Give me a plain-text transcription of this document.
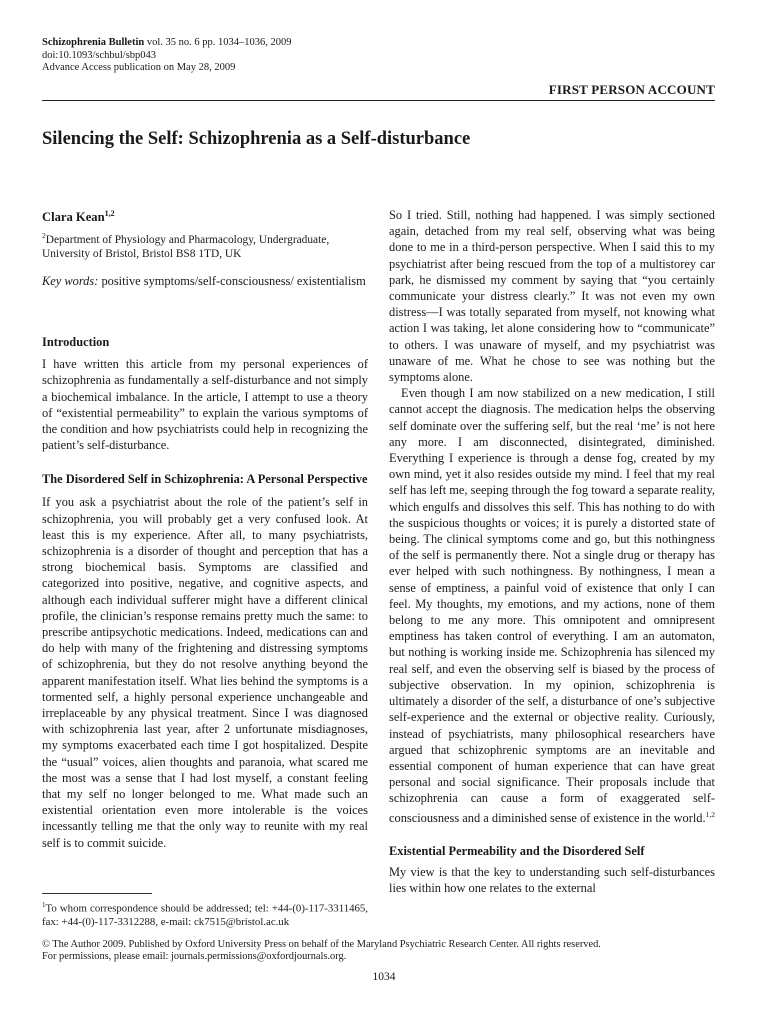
Schizophrenia Bulletin vol. 35 no. 6 pp. 1034–1036, 2009
doi:10.1093/schbul/sbp043
Advance Access publication on May 28, 2009
FIRST PERSON ACCOUNT
Silencing the Self: Schizophrenia as a Self-disturbance
Clara Kean$^{1,2}$
$^2$Department of Physiology and Pharmacology, Undergraduate, University of Bristol, Bristol BS8 1TD, UK
Key words: positive symptoms/self-consciousness/ existentialism
Introduction

I have written this article from my personal experiences of schizophrenia as fundamentally a self-disturbance and not simply a biochemical imbalance. In the article, I attempt to use a theory of “existential permeability” to explain the various symptoms of the condition and how psychiatrists could help in recognizing the patient’s self-disturbance.

The Disordered Self in Schizophrenia: A Personal Perspective

If you ask a psychiatrist about the role of the patient’s self in schizophrenia, you will probably get a very confused look. At least this is my experience. After all, to many psychiatrists, schizophrenia is a disorder of thought and perception that has a strong biochemical basis. Symptoms are classified and categorized into positive, negative, and cognitive aspects, and although each individual sufferer might have a different clinical profile, the clinician’s response remains pretty much the same: to prescribe antipsychotic medications. Indeed, medications can and do help with many of the frightening and distressing symptoms of schizophrenia, but they do not resolve anything beyond the apparent manifestation itself. What lies behind the symptoms is a tormented self, a highly personal experience unchangeable and irreplaceable by any physical treatment. Since I was diagnosed with schizophrenia last year, after 2 unfortunate misdiagnoses, my symptoms exacerbated each time I got hospitalized. Despite the “usual” voices, alien thoughts and paranoia, what scared me the most was a sense that I had lost myself, a constant feeling that my self no longer belonged to me. What made such an existential orientation even more intolerable is the voices incessantly telling me that the only way to reunite with my real self is to commit suicide.

So I tried. Still, nothing had happened. I was simply sectioned again, detached from my real self, observing what was being done to me in a third-person perspective. When I said this to my psychiatrist after being rescued from the top of a multistorey car park, he dismissed my comment by saying that “you certainly communicate your distress clearly.” It was not even my own distress—I was totally separated from myself, not knowing what action I was taking, let alone considering how to “communicate” to others. I was unaware of myself, and my psychiatrist was unaware of me. What he chose to see was nothing but the symptoms alone.

Even though I am now stabilized on a new medication, I still cannot accept the diagnosis. The medication helps the observing self dominate over the suffering self, but the real ‘me’ is not here any more. I am disconnected, disintegrated, diminished. Everything I experience is through a dense fog, created by my own mind, yet it also resides outside my mind. I feel that my real self has left me, seeping through the fog toward a separate reality, which engulfs and dissolves this self. This has nothing to do with the suspicious thoughts or voices; it is purely a distorted state of being. The clinical symptoms come and go, but this nothingness of the self is permanently there. Not a single drug or therapy has ever helped with such nothingness. By nothingness, I mean a sense of emptiness, a painful void of existence that only I can feel. My thoughts, my emotions, and my actions, none of them belong to me any more. This omnipotent and omnipresent emptiness has taken control of everything. I am an automaton, but nothing is working inside me. Schizophrenia has silenced my real self, and even the observing self is biased by the process of subjective observation. In my opinion, schizophrenia is ultimately a disorder of the self, a disturbance of one’s subjective self-experience and the external or objective reality. Curiously, instead of psychiatrists, many philosophical researchers have argued that schizophrenic symptoms are an inevitable and essential component of human experience that can have great personal and social significance. Their proposals include that schizophrenia can cause a form of exaggerated self-consciousness and a diminished sense of existence in the world.$^{1,2}$

Existential Permeability and the Disordered Self

My view is that the key to understanding such self-disturbances lies within how one relates to the external

$^1$To whom correspondence should be addressed; tel: +44-(0)-117-3311465, fax: +44-(0)-117-3312288, e-mail: ck7515@bristol.ac.uk
© The Author 2009. Published by Oxford University Press on behalf of the Maryland Psychiatric Research Center. All rights reserved.
For permissions, please email: journals.permissions@oxfordjournals.org.
1034
